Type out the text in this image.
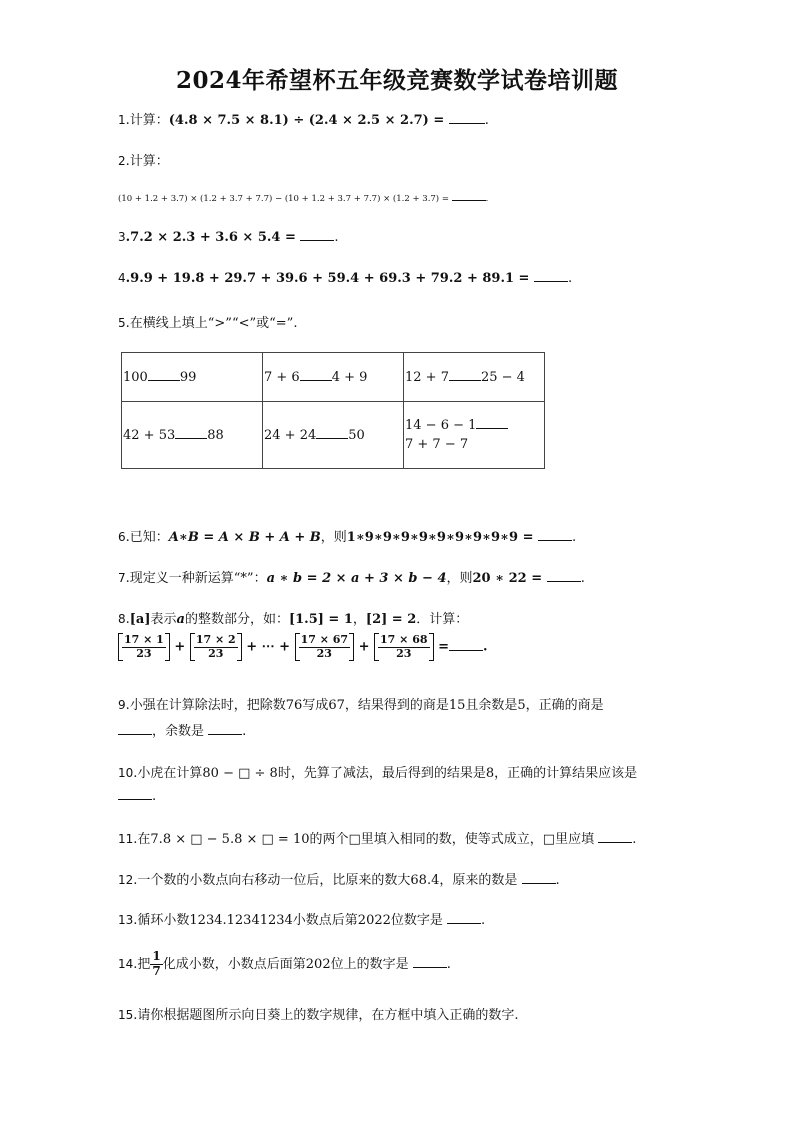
2024年希望杯五年级竞赛数学试卷培训题
1.计算：(4.8 × 7.5 × 8.1) ÷ (2.4 × 2.5 × 2.7) =	.
2.计算：
(10 + 1.2 + 3.7) × (1.2 + 3.7 + 7.7) − (10 + 1.2 + 3.7 + 7.7) × (1.2 + 3.7) =	.
3.7.2 × 2.3 + 3.6 × 5.4 =	.
4.9.9 + 19.8 + 29.7 + 39.6 + 59.4 + 69.3 + 79.2 + 89.1 =	.
5.在横线上填上“>”“<”或“=”.
100 99	7 + 6 4 + 9	12 + 7 25 − 4
42 + 53 88	24 + 24 50	14 − 6 − 1
7 + 7 − 7
6.已知：A∗B = A × B + A + B，则1∗9∗9∗9∗9∗9∗9∗9∗9∗9 =	.
7.现定义一种新运算“*”：a ∗ b = 2 × a + 3 × b − 4，则20 ∗ 22 =	.
8.[a]表示a的整数部分，如：[1.5] = 1，[2] = 2．计算：
$\frac{17 \times 1}{23} + \frac{17 \times 2}{23}$ + ⋯ + $\frac{17 \times 67}{23} + \frac{17 \times 68}{23}$ =	.
9.小强在计算除法时，把除数76写成67，结果得到的商是15且余数是5，正确的商是
，余数是	.
10.小虎在计算80 − □ ÷ 8时，先算了减法，最后得到的结果是8，正确的计算结果应该是
.
11.在7.8 × □ − 5.8 × □ = 10的两个□里填入相同的数，使等式成立，□里应填	.
12.一个数的小数点向右移动一位后，比原来的数大68.4，原来的数是	.
13.循环小数1234.1234̇1234̇小数点后第2022位数字是	.
14.把 $\frac{1}{7}$ 化成小数，小数点后面第202位上的数字是	.
15.请你根据题图所示向日葵上的数字规律，在方框中填入正确的数字.
